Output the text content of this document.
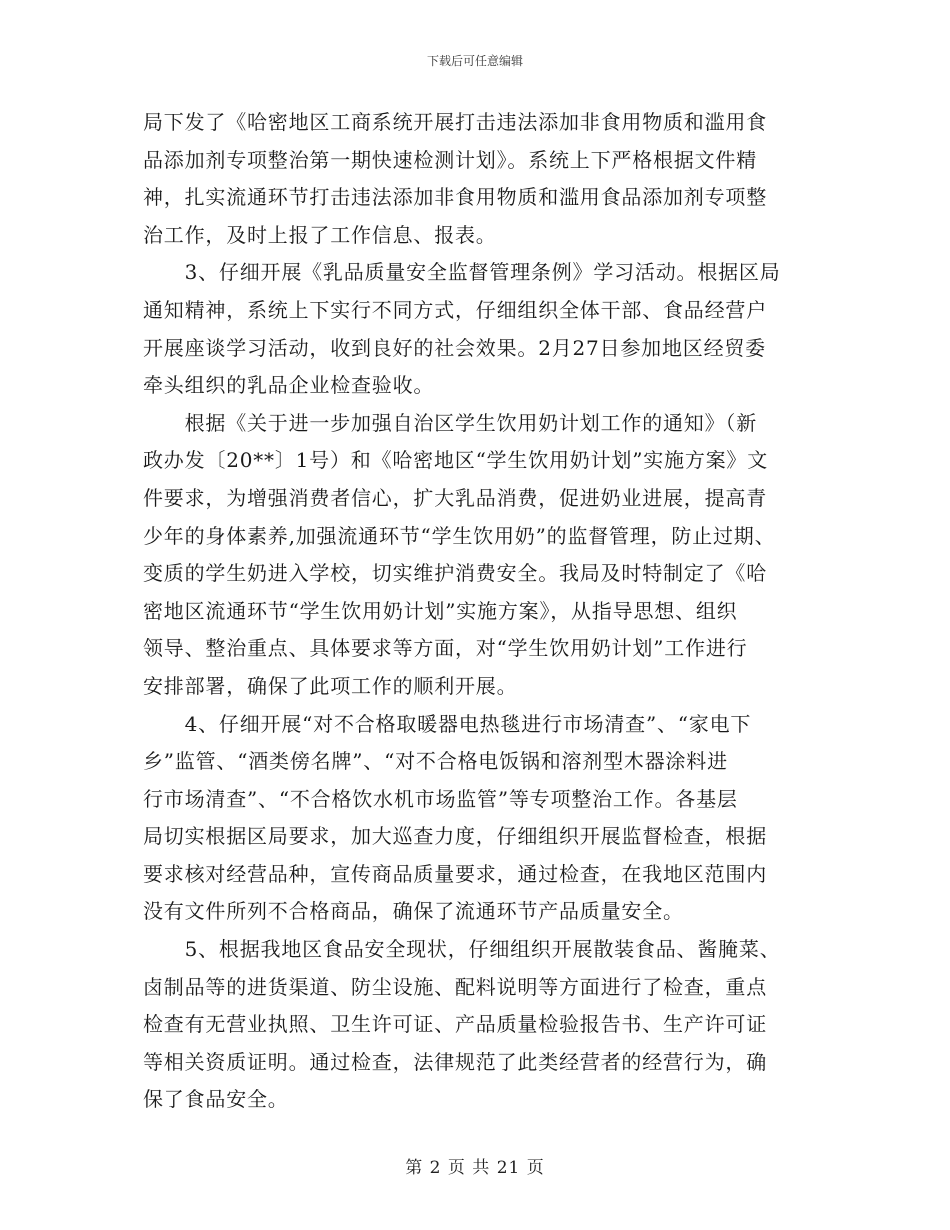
下载后可任意编辑
局下发了《哈密地区工商系统开展打击违法添加非食用物质和滥用食
品添加剂专项整治第一期快速检测计划》。系统上下严格根据文件精
神，扎实流通环节打击违法添加非食用物质和滥用食品添加剂专项整
治工作，及时上报了工作信息、报表。
　　3、仔细开展《乳品质量安全监督管理条例》学习活动。根据区局
通知精神，系统上下实行不同方式，仔细组织全体干部、食品经营户
开展座谈学习活动，收到良好的社会效果。2月27日参加地区经贸委
牵头组织的乳品企业检查验收。
　　根据《关于进一步加强自治区学生饮用奶计划工作的通知》（新
政办发〔20**〕1号）和《哈密地区“学生饮用奶计划”实施方案》文
件要求，为增强消费者信心，扩大乳品消费，促进奶业进展，提高青
少年的身体素养,加强流通环节“学生饮用奶”的监督管理，防止过期、
变质的学生奶进入学校，切实维护消费安全。我局及时特制定了《哈
密地区流通环节“学生饮用奶计划”实施方案》，从指导思想、组织
领导、整治重点、具体要求等方面，对“学生饮用奶计划”工作进行
安排部署，确保了此项工作的顺利开展。
　　4、仔细开展“对不合格取暖器电热毯进行市场清查”、“家电下
乡”监管、“酒类傍名牌”、“对不合格电饭锅和溶剂型木器涂料进
行市场清查”、“不合格饮水机市场监管”等专项整治工作。各基层
局切实根据区局要求，加大巡查力度，仔细组织开展监督检查，根据
要求核对经营品种，宣传商品质量要求，通过检查，在我地区范围内
没有文件所列不合格商品，确保了流通环节产品质量安全。
　　5、根据我地区食品安全现状，仔细组织开展散装食品、酱腌菜、
卤制品等的进货渠道、防尘设施、配料说明等方面进行了检查，重点
检查有无营业执照、卫生许可证、产品质量检验报告书、生产许可证
等相关资质证明。通过检查，法律规范了此类经营者的经营行为，确
保了食品安全。
第 2 页 共 21 页
